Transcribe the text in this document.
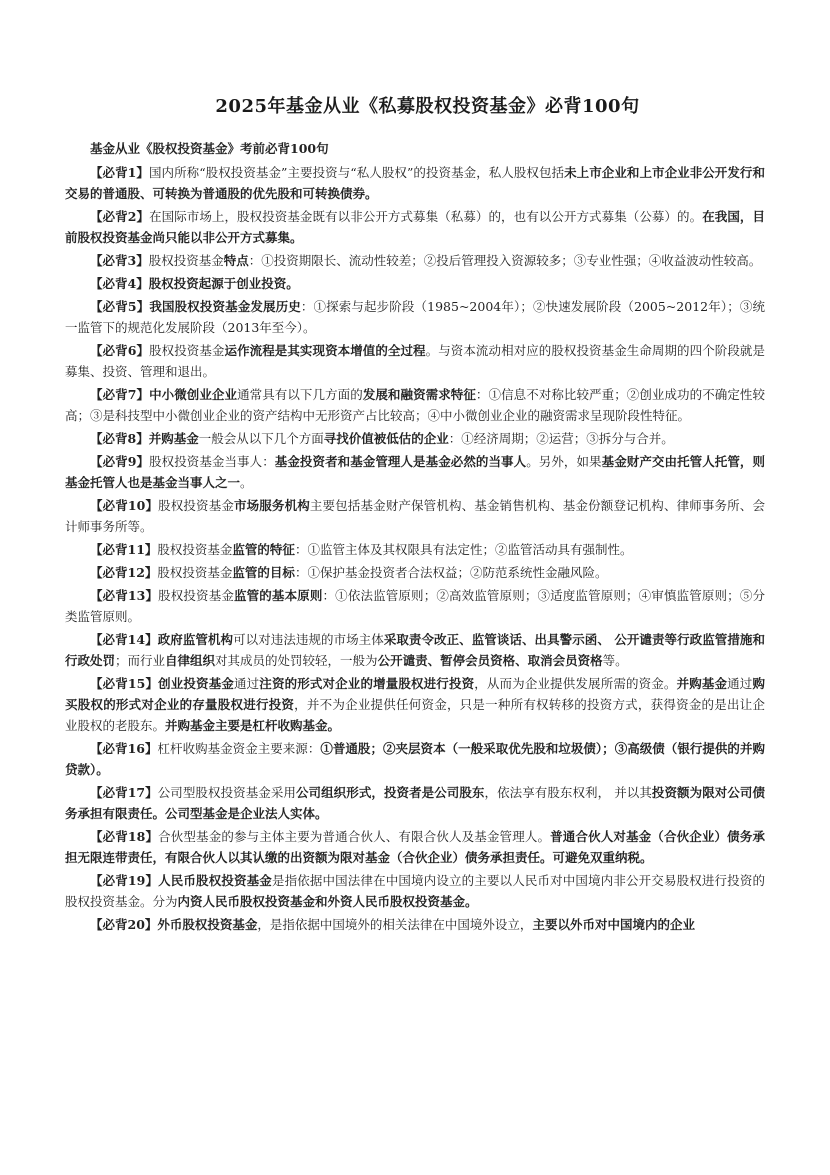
2025年基金从业《私募股权投资基金》必背100句
基金从业《股权投资基金》考前必背100句

【必背1】国内所称“股权投资基金”主要投资与“私人股权”的投资基金，私人股权包括未上市企业和上市企业非公开发行和交易的普通股、可转换为普通股的优先股和可转换债券。

【必背2】在国际市场上，股权投资基金既有以非公开方式募集（私募）的，也有以公开方式募集（公募）的。在我国，目前股权投资基金尚只能以非公开方式募集。

【必背3】股权投资基金特点：①投资期限长、流动性较差；②投后管理投入资源较多；③专业性强；④收益波动性较高。

【必背4】股权投资起源于创业投资。

【必背5】我国股权投资基金发展历史：①探索与起步阶段（1985~2004年）；②快速发展阶段（2005~2012年）；③统一监管下的规范化发展阶段（2013年至今）。

【必背6】股权投资基金运作流程是其实现资本增值的全过程。与资本流动相对应的股权投资基金生命周期的四个阶段就是募集、投资、管理和退出。

【必背7】中小微创业企业通常具有以下几方面的发展和融资需求特征：①信息不对称比较严重；②创业成功的不确定性较高；③是科技型中小微创业企业的资产结构中无形资产占比较高；④中小微创业企业的融资需求呈现阶段性特征。

【必背8】并购基金一般会从以下几个方面寻找价值被低估的企业：①经济周期；②运营；③拆分与合并。

【必背9】股权投资基金当事人：基金投资者和基金管理人是基金必然的当事人。另外，如果基金财产交由托管人托管，则基金托管人也是基金当事人之一。

【必背10】股权投资基金市场服务机构主要包括基金财产保管机构、基金销售机构、基金份额登记机构、律师事务所、会计师事务所等。

【必背11】股权投资基金监管的特征：①监管主体及其权限具有法定性；②监管活动具有强制性。

【必背12】股权投资基金监管的目标：①保护基金投资者合法权益；②防范系统性金融风险。

【必背13】股权投资基金监管的基本原则：①依法监管原则；②高效监管原则；③适度监管原则；④审慎监管原则；⑤分类监管原则。

【必背14】政府监管机构可以对违法违规的市场主体采取责令改正、监管谈话、出具警示函、 公开谴责等行政监管措施和行政处罚；而行业自律组织对其成员的处罚较轻，一般为公开谴责、暂停会员资格、取消会员资格等。

【必背15】创业投资基金通过注资的形式对企业的增量股权进行投资，从而为企业提供发展所需的资金。并购基金通过购买股权的形式对企业的存量股权进行投资，并不为企业提供任何资金，只是一种所有权转移的投资方式，获得资金的是出让企业股权的老股东。并购基金主要是杠杆收购基金。

【必背16】杠杆收购基金资金主要来源：①普通股；②夹层资本（一般采取优先股和垃圾债）；③高级债（银行提供的并购贷款）。

【必背17】公司型股权投资基金采用公司组织形式，投资者是公司股东，依法享有股东权利， 并以其投资额为限对公司债务承担有限责任。公司型基金是企业法人实体。

【必背18】合伙型基金的参与主体主要为普通合伙人、有限合伙人及基金管理人。普通合伙人对基金（合伙企业）债务承担无限连带责任，有限合伙人以其认缴的出资额为限对基金（合伙企业）债务承担责任。可避免双重纳税。

【必背19】人民币股权投资基金是指依据中国法律在中国境内设立的主要以人民币对中国境内非公开交易股权进行投资的股权投资基金。分为内资人民币股权投资基金和外资人民币股权投资基金。

【必背20】外币股权投资基金，是指依据中国境外的相关法律在中国境外设立，主要以外币对中国境内的企业
